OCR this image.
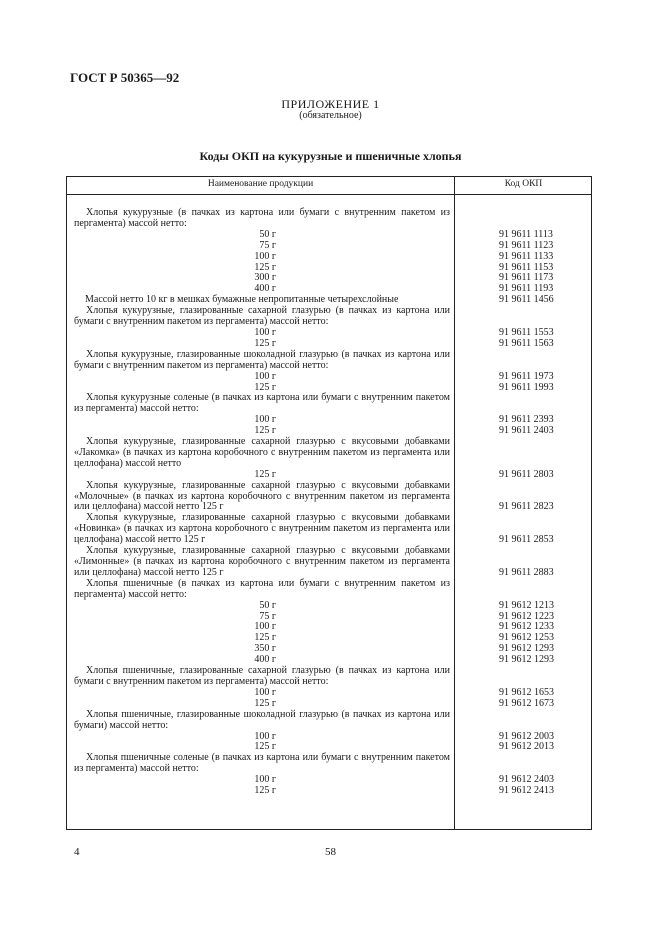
ГОСТ Р 50365—92
ПРИЛОЖЕНИЕ 1
(обязательное)
Коды ОКП на кукурузные и пшеничные хлопья
Наименование продукции	Код ОКП
Хлопья кукурузные (в пачках из картона или бумаги с внутренним пакетом из пергамента) массой нетто:
50 г	91 9611 1113
75 г	91 9611 1123
100 г	91 9611 1133
125 г	91 9611 1153
300 г	91 9611 1173
400 г	91 9611 1193
Массой нетто 10 кг в мешках бумажные непропитанные четырехслойные	91 9611 1456
Хлопья кукурузные, глазированные сахарной глазурью (в пачках из картона или бумаги с внутренним пакетом из пергамента) массой нетто:
100 г	91 9611 1553
125 г	91 9611 1563
Хлопья кукурузные, глазированные шоколадной глазурью (в пачках из картона или бумаги с внутренним пакетом из пергамента) массой нетто:
100 г	91 9611 1973
125 г	91 9611 1993
Хлопья кукурузные соленые (в пачках из картона или бумаги с внутренним пакетом из пергамента) массой нетто:
100 г	91 9611 2393
125 г	91 9611 2403
Хлопья кукурузные, глазированные сахарной глазурью с вкусовыми добавками «Лакомка» (в пачках из картона коробочного с внутренним пакетом из пергамента или целлофана) массой нетто
125 г	91 9611 2803
Хлопья кукурузные, глазированные сахарной глазурью с вкусовыми добавками «Молочные» (в пачках из картона коробочного с внутренним пакетом из пергамента или целлофана) массой нетто 125 г	91 9611 2823
Хлопья кукурузные, глазированные сахарной глазурью с вкусовыми добавками «Новинка» (в пачках из картона коробочного с внутренним пакетом из пергамента или целлофана) массой нетто 125 г	91 9611 2853
Хлопья кукурузные, глазированные сахарной глазурью с вкусовыми добавками «Лимонные» (в пачках из картона коробочного с внутренним пакетом из пергамента или целлофана) массой нетто 125 г	91 9611 2883
Хлопья пшеничные (в пачках из картона или бумаги с внутренним пакетом из пергамента) массой нетто:
50 г	91 9612 1213
75 г	91 9612 1223
100 г	91 9612 1233
125 г	91 9612 1253
350 г	91 9612 1293
400 г	91 9612 1293
Хлопья пшеничные, глазированные сахарной глазурью (в пачках из картона или бумаги с внутренним пакетом из пергамента) массой нетто:
100 г	91 9612 1653
125 г	91 9612 1673
Хлопья пшеничные, глазированные шоколадной глазурью (в пачках из картона или бумаги) массой нетто:
100 г	91 9612 2003
125 г	91 9612 2013
Хлопья пшеничные соленые (в пачках из картона или бумаги с внутренним пакетом из пергамента) массой нетто:
100 г	91 9612 2403
125 г	91 9612 2413
4	58
